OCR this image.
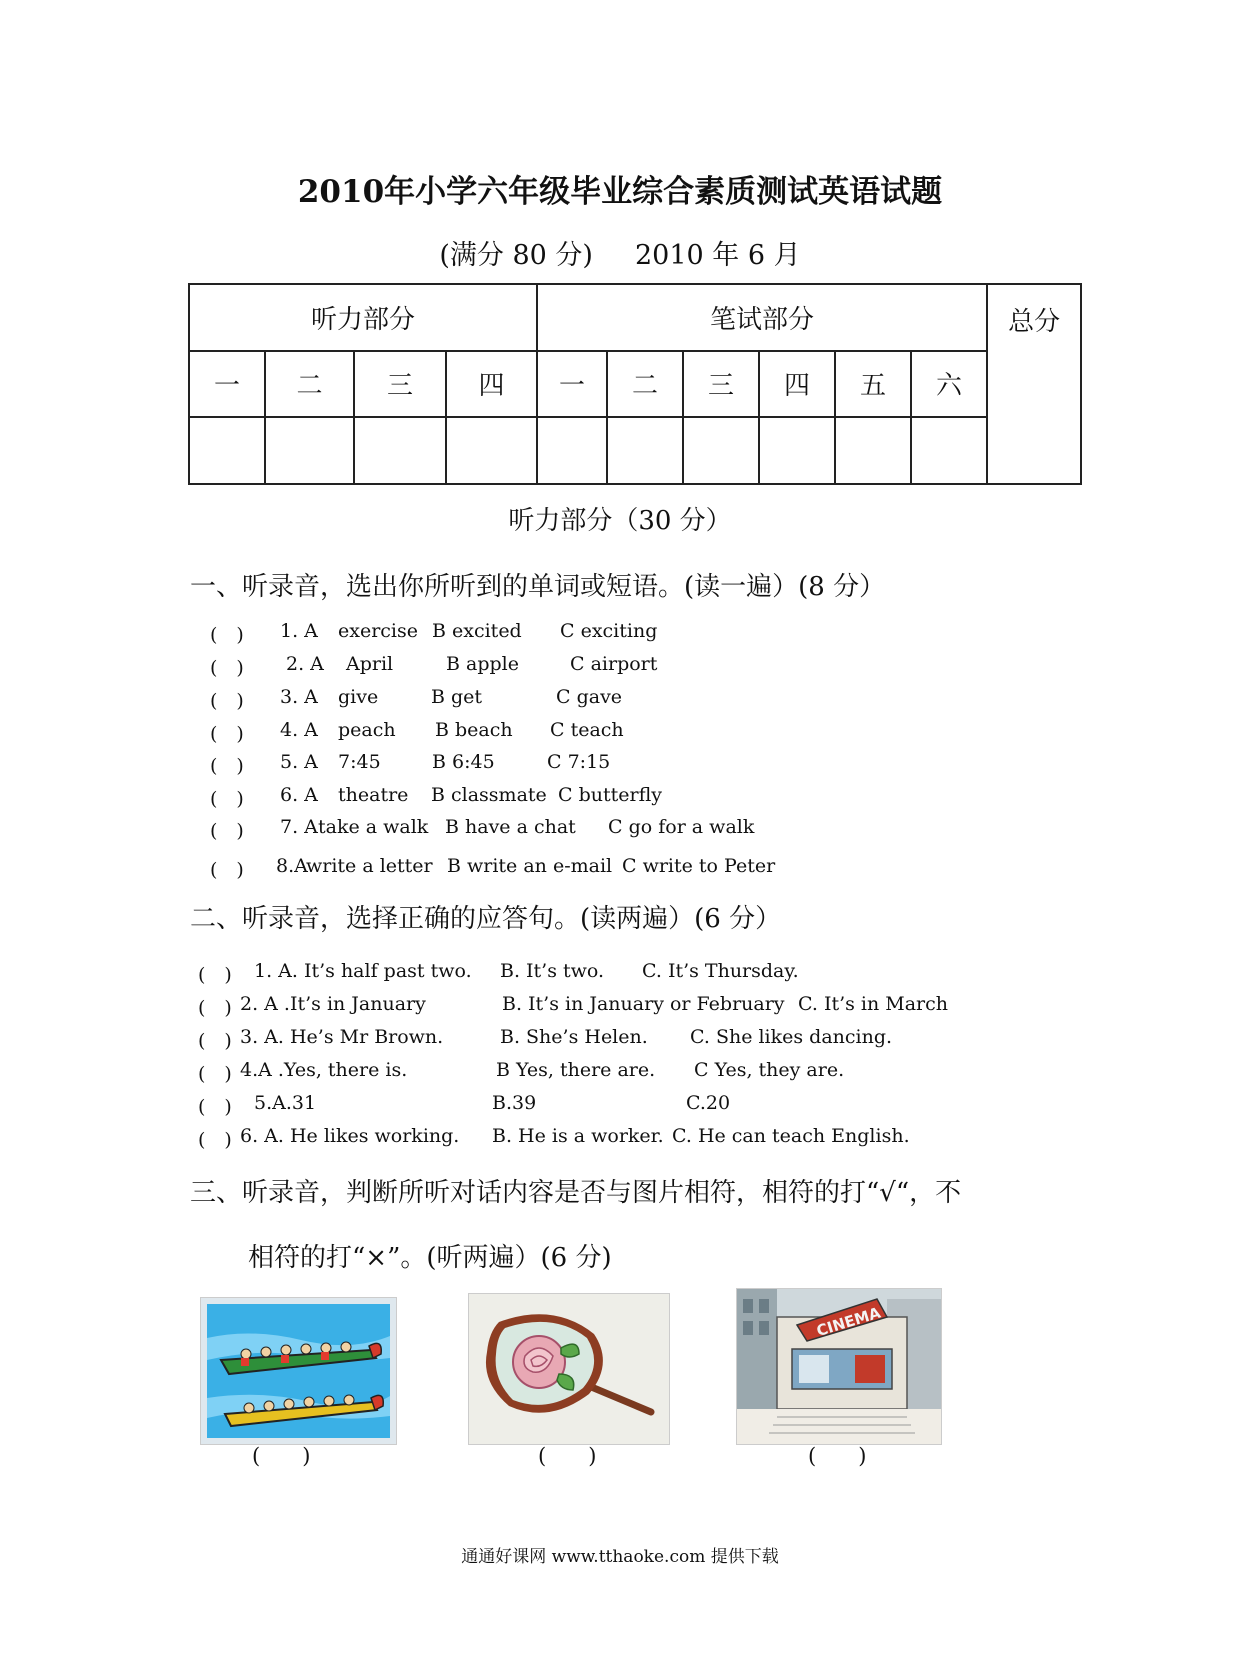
2010年小学六年级毕业综合素质测试英语试题
(满分 80 分) 2010 年 6 月
听力部分				笔试部分						总分
一	二	三	四	一	二	三	四	五	六	

听力部分（30 分）
一、听录音，选出你所听到的单词或短语。(读一遍）(8 分）
(　) 1. A exercise B excited C exciting
(　) 2. A April	B apple	C airport
(　) 3. A give	B get	C gave
(　) 4. A peach B beach C teach
(　) 5. A 7:45	B 6:45	C 7:15
(　) 6. A theatre B classmate C butterfly
(　) 7. A take a walk B have a chat C go for a walk
(　) 8.A
write a letter B write an e-mail C write to Peter
二、听录音，选择正确的应答句。(读两遍）(6 分）
(　) 1. A. It’s half past two. B. It’s two. C. It’s Thursday.
(　) 2. A .It’s in January	B. It’s in January or February C. It’s in March
(　) 3. A. He’s Mr Brown.	B. She’s Helen. C. She likes dancing.
(　) 4.A .Yes, there is.	B Yes, there are. C Yes, they are.
(　) 5.A.31	B.39	C.20
(　) 6. A. He likes working. B. He is a worker. C. He can teach English.
三、听录音，判断所听对话内容是否与图片相符，相符的打“√“，不
相符的打“×”。(听两遍）(6 分)
(　　)	(　　)
CINEMA
(　　)
通通好课网 www.tthaoke.com 提供下载
